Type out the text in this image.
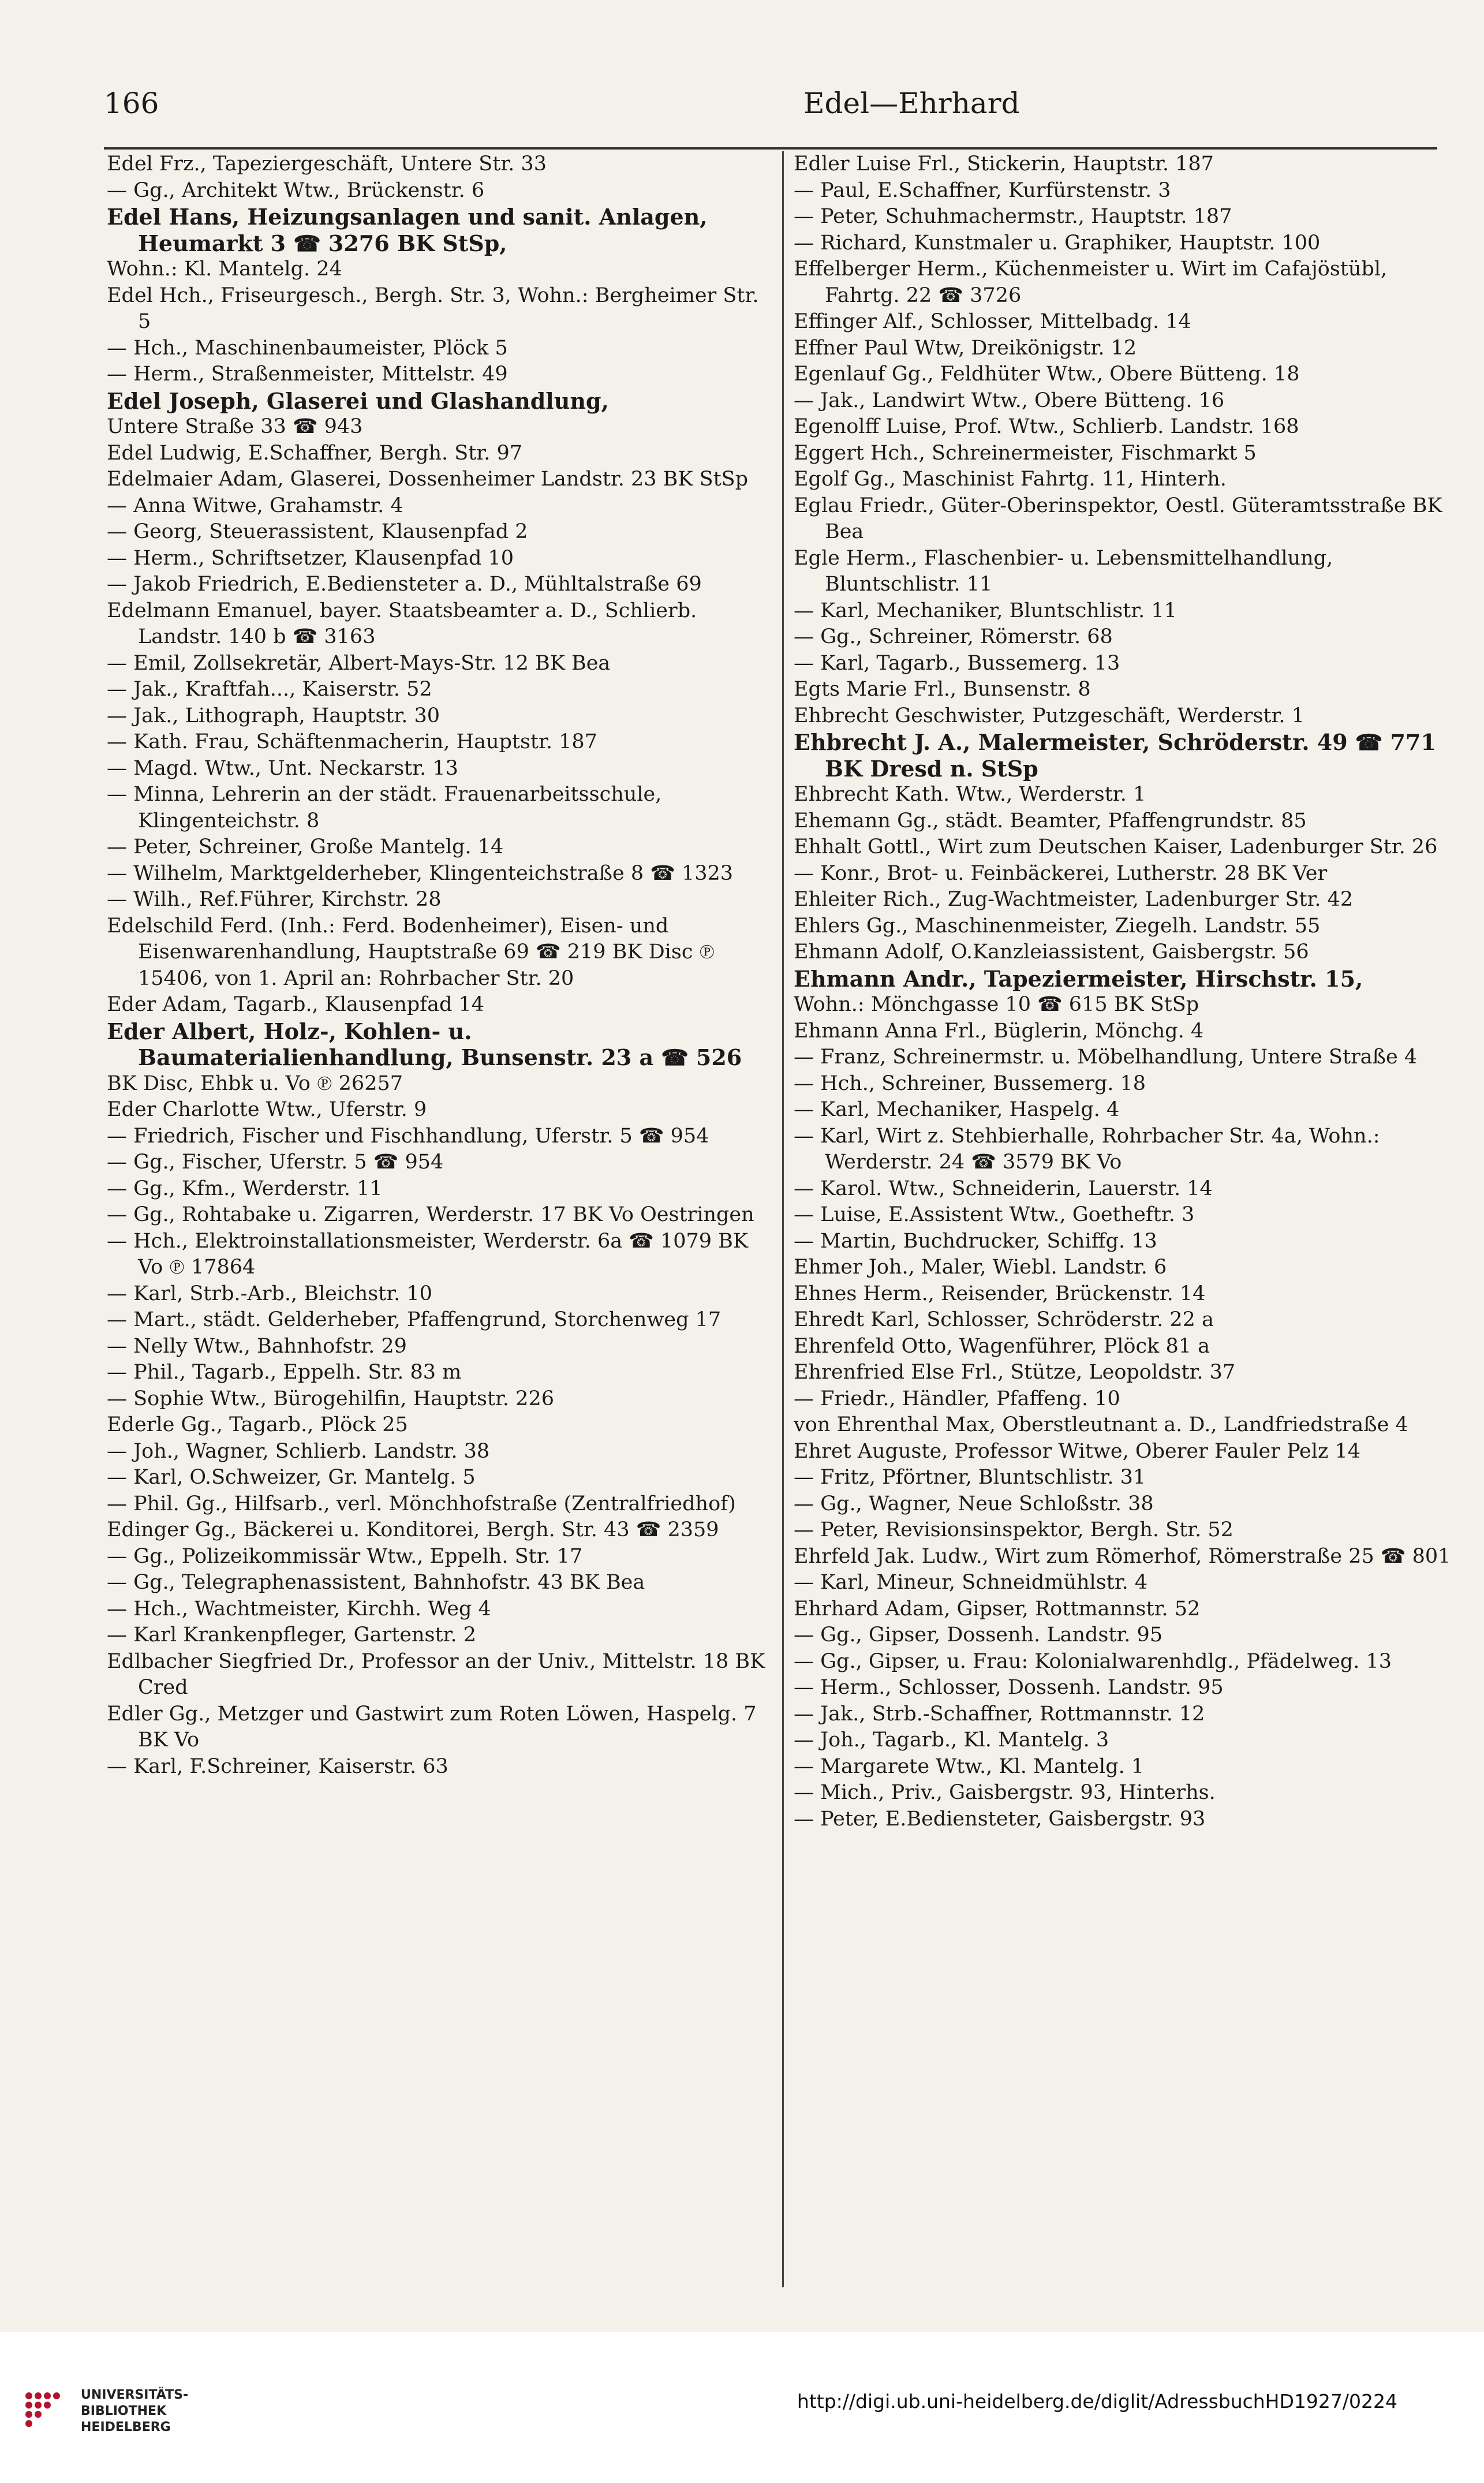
166	Edel—Ehrhard
Edel Frz., Tapeziergeschäft, Untere Str. 33
— Gg., Architekt Wtw., Brückenstr. 6
Edel Hans, Heizungsanlagen und sanit. Anlagen, Heumarkt 3 ☎ 3276 BK StSp,
Wohn.: Kl. Mantelg. 24
Edel Hch., Friseurgesch., Bergh. Str. 3, Wohn.: Bergheimer Str. 5
— Hch., Maschinenbaumeister, Plöck 5
— Herm., Straßenmeister, Mittelstr. 49
Edel Joseph, Glaserei und Glashandlung,
Untere Straße 33 ☎ 943
Edel Ludwig, E.Schaffner, Bergh. Str. 97
Edelmaier Adam, Glaserei, Dossenheimer Landstr. 23 BK StSp
— Anna Witwe, Grahamstr. 4
— Georg, Steuerassistent, Klausenpfad 2
— Herm., Schriftsetzer, Klausenpfad 10
— Jakob Friedrich, E.Bediensteter a. D., Mühltalstraße 69
Edelmann Emanuel, bayer. Staatsbeamter a. D., Schlierb. Landstr. 140 b ☎ 3163
— Emil, Zollsekretär, Albert-Mays-Str. 12 BK Bea
— Jak., Kraftfah..., Kaiserstr. 52
— Jak., Lithograph, Hauptstr. 30
— Kath. Frau, Schäftenmacherin, Hauptstr. 187
— Magd. Wtw., Unt. Neckarstr. 13
— Minna, Lehrerin an der städt. Frauenarbeitsschule, Klingenteichstr. 8
— Peter, Schreiner, Große Mantelg. 14
— Wilhelm, Marktgelderheber, Klingenteichstraße 8 ☎ 1323
— Wilh., Ref.Führer, Kirchstr. 28
Edelschild Ferd. (Inh.: Ferd. Bodenheimer), Eisen- und Eisenwarenhandlung, Hauptstraße 69 ☎ 219 BK Disc ℗ 15406, von 1. April an: Rohrbacher Str. 20
Eder Adam, Tagarb., Klausenpfad 14
Eder Albert, Holz-, Kohlen- u. Baumaterialienhandlung, Bunsenstr. 23 a ☎ 526
BK Disc, Ehbk u. Vo ℗ 26257
Eder Charlotte Wtw., Uferstr. 9
— Friedrich, Fischer und Fischhandlung, Uferstr. 5 ☎ 954
— Gg., Fischer, Uferstr. 5 ☎ 954
— Gg., Kfm., Werderstr. 11
— Gg., Rohtabake u. Zigarren, Werderstr. 17 BK Vo Oestringen
— Hch., Elektroinstallationsmeister, Werderstr. 6a ☎ 1079 BK Vo ℗ 17864
— Karl, Strb.-Arb., Bleichstr. 10
— Mart., städt. Gelderheber, Pfaffengrund, Storchenweg 17
— Nelly Wtw., Bahnhofstr. 29
— Phil., Tagarb., Eppelh. Str. 83 m
— Sophie Wtw., Bürogehilfin, Hauptstr. 226
Ederle Gg., Tagarb., Plöck 25
— Joh., Wagner, Schlierb. Landstr. 38
— Karl, O.Schweizer, Gr. Mantelg. 5
— Phil. Gg., Hilfsarb., verl. Mönchhofstraße (Zentralfriedhof)
Edinger Gg., Bäckerei u. Konditorei, Bergh. Str. 43 ☎ 2359
— Gg., Polizeikommissär Wtw., Eppelh. Str. 17
— Gg., Telegraphenassistent, Bahnhofstr. 43 BK Bea
— Hch., Wachtmeister, Kirchh. Weg 4
— Karl Krankenpfleger, Gartenstr. 2
Edlbacher Siegfried Dr., Professor an der Univ., Mittelstr. 18 BK Cred
Edler Gg., Metzger und Gastwirt zum Roten Löwen, Haspelg. 7 BK Vo
— Karl, F.Schreiner, Kaiserstr. 63
Edler Luise Frl., Stickerin, Hauptstr. 187
— Paul, E.Schaffner, Kurfürstenstr. 3
— Peter, Schuhmachermstr., Hauptstr. 187
— Richard, Kunstmaler u. Graphiker, Hauptstr. 100
Effelberger Herm., Küchenmeister u. Wirt im Cafajöstübl, Fahrtg. 22 ☎ 3726
Effinger Alf., Schlosser, Mittelbadg. 14
Effner Paul Wtw, Dreikönigstr. 12
Egenlauf Gg., Feldhüter Wtw., Obere Bütteng. 18
— Jak., Landwirt Wtw., Obere Bütteng. 16
Egenolff Luise, Prof. Wtw., Schlierb. Landstr. 168
Eggert Hch., Schreinermeister, Fischmarkt 5
Egolf Gg., Maschinist Fahrtg. 11, Hinterh.
Eglau Friedr., Güter-Oberinspektor, Oestl. Güteramtsstraße BK Bea
Egle Herm., Flaschenbier- u. Lebensmittelhandlung, Bluntschlistr. 11
— Karl, Mechaniker, Bluntschlistr. 11
— Gg., Schreiner, Römerstr. 68
— Karl, Tagarb., Bussemerg. 13
Egts Marie Frl., Bunsenstr. 8
Ehbrecht Geschwister, Putzgeschäft, Werderstr. 1
Ehbrecht J. A., Malermeister, Schröderstr. 49 ☎ 771 BK Dresd n. StSp
Ehbrecht Kath. Wtw., Werderstr. 1
Ehemann Gg., städt. Beamter, Pfaffengrundstr. 85
Ehhalt Gottl., Wirt zum Deutschen Kaiser, Ladenburger Str. 26
— Konr., Brot- u. Feinbäckerei, Lutherstr. 28 BK Ver
Ehleiter Rich., Zug-Wachtmeister, Ladenburger Str. 42
Ehlers Gg., Maschinenmeister, Ziegelh. Landstr. 55
Ehmann Adolf, O.Kanzleiassistent, Gaisbergstr. 56
Ehmann Andr., Tapeziermeister, Hirschstr. 15,
Wohn.: Mönchgasse 10 ☎ 615 BK StSp
Ehmann Anna Frl., Büglerin, Mönchg. 4
— Franz, Schreinermstr. u. Möbelhandlung, Untere Straße 4
— Hch., Schreiner, Bussemerg. 18
— Karl, Mechaniker, Haspelg. 4
— Karl, Wirt z. Stehbierhalle, Rohrbacher Str. 4a, Wohn.: Werderstr. 24 ☎ 3579 BK Vo
— Karol. Wtw., Schneiderin, Lauerstr. 14
— Luise, E.Assistent Wtw., Goetheftr. 3
— Martin, Buchdrucker, Schiffg. 13
Ehmer Joh., Maler, Wiebl. Landstr. 6
Ehnes Herm., Reisender, Brückenstr. 14
Ehredt Karl, Schlosser, Schröderstr. 22 a
Ehrenfeld Otto, Wagenführer, Plöck 81 a
Ehrenfried Else Frl., Stütze, Leopoldstr. 37
— Friedr., Händler, Pfaffeng. 10
von Ehrenthal Max, Oberstleutnant a. D., Landfriedstraße 4
Ehret Auguste, Professor Witwe, Oberer Fauler Pelz 14
— Fritz, Pförtner, Bluntschlistr. 31
— Gg., Wagner, Neue Schloßstr. 38
— Peter, Revisionsinspektor, Bergh. Str. 52
Ehrfeld Jak. Ludw., Wirt zum Römerhof, Römerstraße 25 ☎ 801
— Karl, Mineur, Schneidmühlstr. 4
Ehrhard Adam, Gipser, Rottmannstr. 52
— Gg., Gipser, Dossenh. Landstr. 95
— Gg., Gipser, u. Frau: Kolonialwarenhdlg., Pfädelweg. 13
— Herm., Schlosser, Dossenh. Landstr. 95
— Jak., Strb.-Schaffner, Rottmannstr. 12
— Joh., Tagarb., Kl. Mantelg. 3
— Margarete Wtw., Kl. Mantelg. 1
— Mich., Priv., Gaisbergstr. 93, Hinterhs.
— Peter, E.Bediensteter, Gaisbergstr. 93
UNIVERSITÄTS-
BIBLIOTHEK
HEIDELBERG
http://digi.ub.uni-heidelberg.de/diglit/AdressbuchHD1927/0224
